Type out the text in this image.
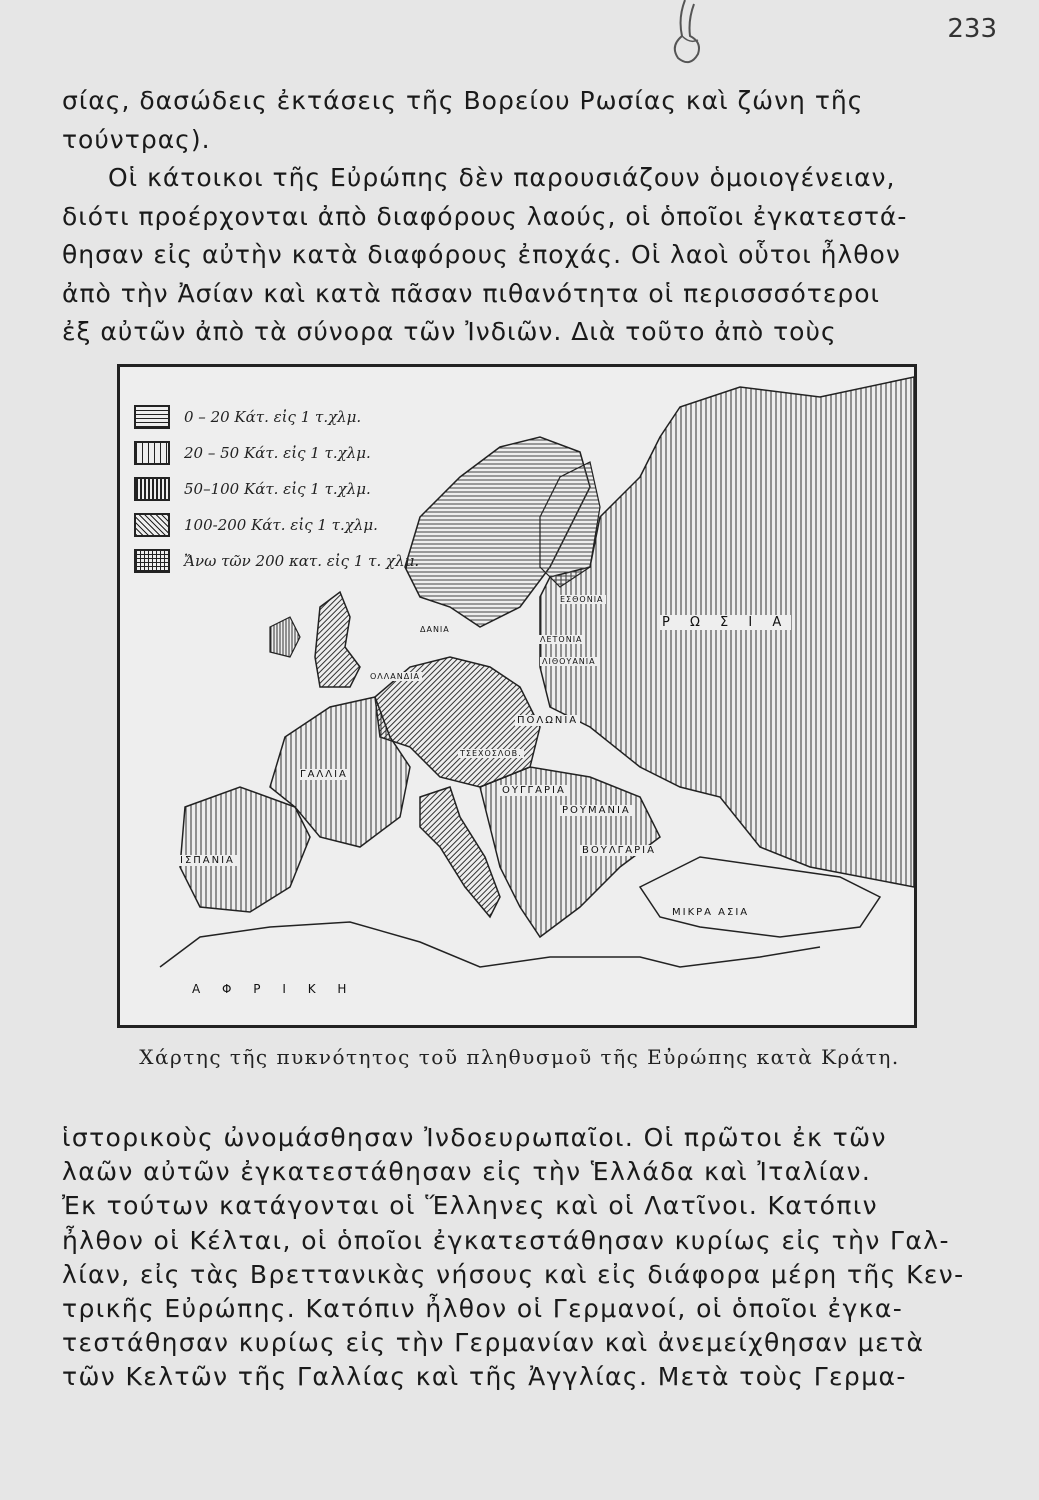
233
σίας, δασώδεις ἐκτάσεις τῆς Βορείου Ρωσίας καὶ ζώνη τῆς
τούντρας).
Οἱ κάτοικοι τῆς Εὐρώπης δὲν παρουσιάζουν ὁμοιογένειαν,
διότι προέρχονται ἀπὸ διαφόρους λαούς, οἱ ὁποῖοι ἐγκατεστά-
θησαν εἰς αὐτὴν κατὰ διαφόρους ἐποχάς. Οἱ λαοὶ οὗτοι ἦλθον
ἀπὸ τὴν Ἀσίαν καὶ κατὰ πᾶσαν πιθανότητα οἱ περισσσότεροι
ἐξ αὐτῶν ἀπὸ τὰ σύνορα τῶν Ἰνδιῶν. Διὰ τοῦτο ἀπὸ τοὺς
0 – 20 Κάτ. εἰς 1 τ.χλμ.
20 – 50 Κάτ. εἰς 1 τ.χλμ.
50–100 Κάτ. εἰς 1 τ.χλμ.
100-200 Κάτ. εἰς 1 τ.χλμ.
Ἄνω τῶν 200 κατ. εἰς 1 τ. χλμ.
Ρ Ω Σ Ι Α
ΠΟΛΩΝΙΑ
ΓΑΛΛΙΑ
ΙΣΠΑΝΙΑ
ΟΥΓΓΑΡΙΑ
ΡΟΥΜΑΝΙΑ
ΒΟΥΛΓΑΡΙΑ
ΜΙΚΡΑ ΑΣΙΑ
Α Φ Ρ Ι Κ Η
ΔΑΝΙΑ
ΟΛΛΑΝΔΙΑ
ΕΣΘΟΝΙΑ
ΛΕΤΟΝΙΑ
ΛΙΘΟΥΑΝΙΑ
ΤΣΕΧΟΣΛΟΒ.
Χάρτης τῆς πυκνότητος τοῦ πληθυσμοῦ τῆς Εὐρώπης κατὰ Κράτη.
ἱστορικοὺς ὠνομάσθησαν Ἰνδοευρωπαῖοι. Οἱ πρῶτοι ἐκ τῶν
λαῶν αὐτῶν ἐγκατεστάθησαν εἰς τὴν Ἑλλάδα καὶ Ἰταλίαν.
Ἐκ τούτων κατάγονται οἱ Ἕλληνες καὶ οἱ Λατῖνοι. Κατόπιν
ἦλθον οἱ Κέλται, οἱ ὁποῖοι ἐγκατεστάθησαν κυρίως εἰς τὴν Γαλ-
λίαν, εἰς τὰς Βρεττανικὰς νήσους καὶ εἰς διάφορα μέρη τῆς Κεν-
τρικῆς Εὐρώπης. Κατόπιν ἦλθον οἱ Γερμανοί, οἱ ὁποῖοι ἐγκα-
τεστάθησαν κυρίως εἰς τὴν Γερμανίαν καὶ ἀνεμείχθησαν μετὰ
τῶν Κελτῶν τῆς Γαλλίας καὶ τῆς Ἀγγλίας. Μετὰ τοὺς Γερμα-
